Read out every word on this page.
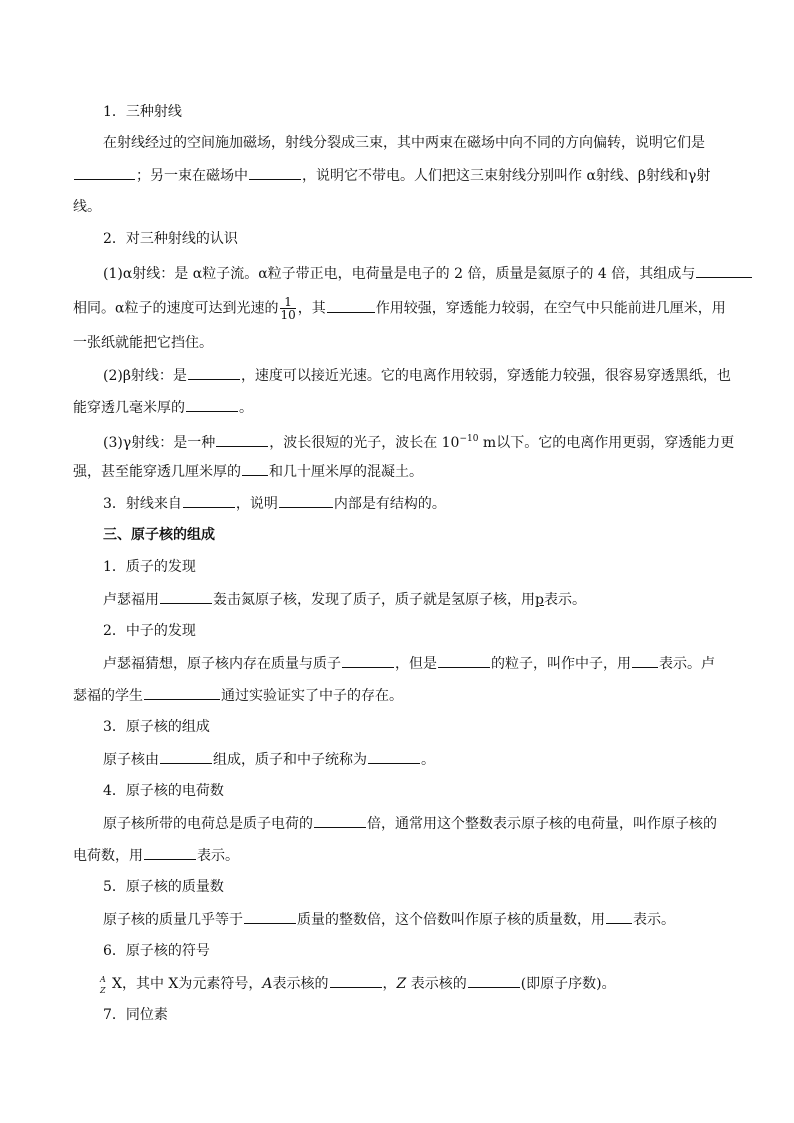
1．三种射线
在射线经过的空间施加磁场，射线分裂成三束，其中两束在磁场中向不同的方向偏转，说明它们是
；另一束在磁场中	，说明它不带电。人们把这三束射线分别叫作 α射线、β射线和γ射
线。
2．对三种射线的认识
(1)α射线：是 α粒子流。α粒子带正电，电荷量是电子的 2 倍，质量是氦原子的 4 倍，其组成与
相同。α粒子的速度可达到光速的 $\frac{1}{10}$ ，其	作用较强，穿透能力较弱，在空气中只能前进几厘米，用
一张纸就能把它挡住。
(2)β射线：是	，速度可以接近光速。它的电离作用较弱，穿透能力较强，很容易穿透黑纸，也
能穿透几毫米厚的	。
(3)γ射线：是一种	，波长很短的光子，波长在 $10^{-10}$ m以下。它的电离作用更弱，穿透能力更
强，甚至能穿透几厘米厚的 和几十厘米厚的混凝土。
3．射线来自	，说明	内部是有结构的。
三、原子核的组成
1．质子的发现
卢瑟福用	轰击氮原子核，发现了质子，质子就是氢原子核，用p表示。
2．中子的发现
卢瑟福猜想，原子核内存在质量与质子	，但是	的粒子，叫作中子，用 表示。卢
瑟福的学生	通过实验证实了中子的存在。
3．原子核的组成
原子核由	组成，质子和中子统称为	。
4．原子核的电荷数
原子核所带的电荷总是质子电荷的	倍，通常用这个整数表示原子核的电荷量，叫作原子核的
电荷数，用	表示。
5．原子核的质量数
原子核的质量几乎等于	质量的整数倍，这个倍数叫作原子核的质量数，用 表示。
6．原子核的符号
A
Z X，其中 X为元素符号，A表示核的	，Z 表示核的	(即原子序数)。
7．同位素
